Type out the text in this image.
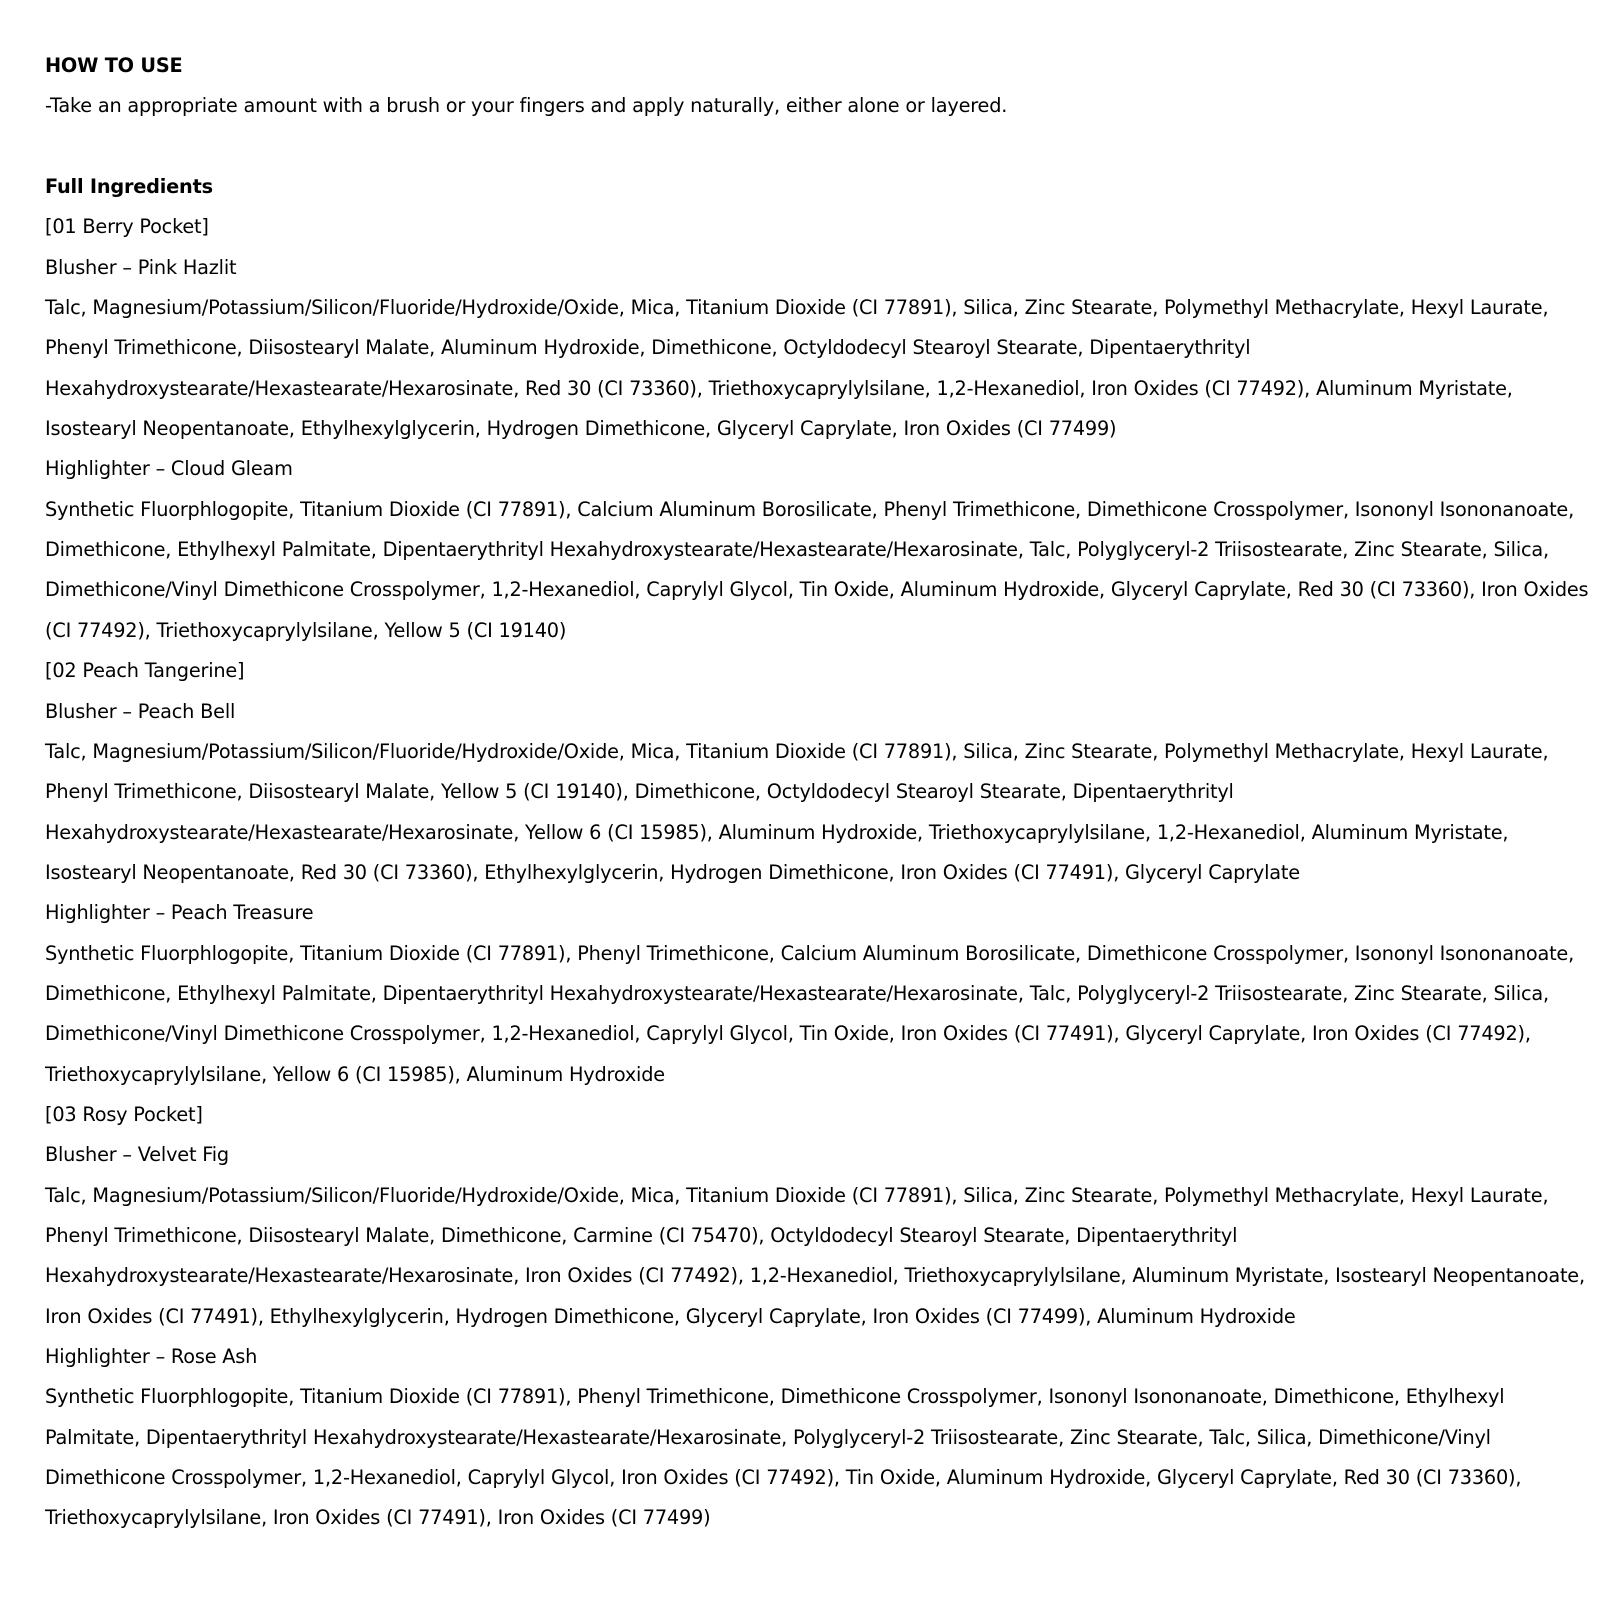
HOW TO USE
-Take an appropriate amount with a brush or your fingers and apply naturally, either alone or layered.
Full Ingredients
[01 Berry Pocket]
Blusher – Pink Hazlit
Talc, Magnesium/Potassium/Silicon/Fluoride/Hydroxide/Oxide, Mica, Titanium Dioxide (CI 77891), Silica, Zinc Stearate, Polymethyl Methacrylate, Hexyl Laurate,
Phenyl Trimethicone, Diisostearyl Malate, Aluminum Hydroxide, Dimethicone, Octyldodecyl Stearoyl Stearate, Dipentaerythrityl
Hexahydroxystearate/Hexastearate/Hexarosinate, Red 30 (CI 73360), Triethoxycaprylylsilane, 1,2-Hexanediol, Iron Oxides (CI 77492), Aluminum Myristate,
Isostearyl Neopentanoate, Ethylhexylglycerin, Hydrogen Dimethicone, Glyceryl Caprylate, Iron Oxides (CI 77499)
Highlighter – Cloud Gleam
Synthetic Fluorphlogopite, Titanium Dioxide (CI 77891), Calcium Aluminum Borosilicate, Phenyl Trimethicone, Dimethicone Crosspolymer, Isononyl Isononanoate,
Dimethicone, Ethylhexyl Palmitate, Dipentaerythrityl Hexahydroxystearate/Hexastearate/Hexarosinate, Talc, Polyglyceryl-2 Triisostearate, Zinc Stearate, Silica,
Dimethicone/Vinyl Dimethicone Crosspolymer, 1,2-Hexanediol, Caprylyl Glycol, Tin Oxide, Aluminum Hydroxide, Glyceryl Caprylate, Red 30 (CI 73360), Iron Oxides
(CI 77492), Triethoxycaprylylsilane, Yellow 5 (CI 19140)
[02 Peach Tangerine]
Blusher – Peach Bell
Talc, Magnesium/Potassium/Silicon/Fluoride/Hydroxide/Oxide, Mica, Titanium Dioxide (CI 77891), Silica, Zinc Stearate, Polymethyl Methacrylate, Hexyl Laurate,
Phenyl Trimethicone, Diisostearyl Malate, Yellow 5 (CI 19140), Dimethicone, Octyldodecyl Stearoyl Stearate, Dipentaerythrityl
Hexahydroxystearate/Hexastearate/Hexarosinate, Yellow 6 (CI 15985), Aluminum Hydroxide, Triethoxycaprylylsilane, 1,2-Hexanediol, Aluminum Myristate,
Isostearyl Neopentanoate, Red 30 (CI 73360), Ethylhexylglycerin, Hydrogen Dimethicone, Iron Oxides (CI 77491), Glyceryl Caprylate
Highlighter – Peach Treasure
Synthetic Fluorphlogopite, Titanium Dioxide (CI 77891), Phenyl Trimethicone, Calcium Aluminum Borosilicate, Dimethicone Crosspolymer, Isononyl Isononanoate,
Dimethicone, Ethylhexyl Palmitate, Dipentaerythrityl Hexahydroxystearate/Hexastearate/Hexarosinate, Talc, Polyglyceryl-2 Triisostearate, Zinc Stearate, Silica,
Dimethicone/Vinyl Dimethicone Crosspolymer, 1,2-Hexanediol, Caprylyl Glycol, Tin Oxide, Iron Oxides (CI 77491), Glyceryl Caprylate, Iron Oxides (CI 77492),
Triethoxycaprylylsilane, Yellow 6 (CI 15985), Aluminum Hydroxide
[03 Rosy Pocket]
Blusher – Velvet Fig
Talc, Magnesium/Potassium/Silicon/Fluoride/Hydroxide/Oxide, Mica, Titanium Dioxide (CI 77891), Silica, Zinc Stearate, Polymethyl Methacrylate, Hexyl Laurate,
Phenyl Trimethicone, Diisostearyl Malate, Dimethicone, Carmine (CI 75470), Octyldodecyl Stearoyl Stearate, Dipentaerythrityl
Hexahydroxystearate/Hexastearate/Hexarosinate, Iron Oxides (CI 77492), 1,2-Hexanediol, Triethoxycaprylylsilane, Aluminum Myristate, Isostearyl Neopentanoate,
Iron Oxides (CI 77491), Ethylhexylglycerin, Hydrogen Dimethicone, Glyceryl Caprylate, Iron Oxides (CI 77499), Aluminum Hydroxide
Highlighter – Rose Ash
Synthetic Fluorphlogopite, Titanium Dioxide (CI 77891), Phenyl Trimethicone, Dimethicone Crosspolymer, Isononyl Isononanoate, Dimethicone, Ethylhexyl
Palmitate, Dipentaerythrityl Hexahydroxystearate/Hexastearate/Hexarosinate, Polyglyceryl-2 Triisostearate, Zinc Stearate, Talc, Silica, Dimethicone/Vinyl
Dimethicone Crosspolymer, 1,2-Hexanediol, Caprylyl Glycol, Iron Oxides (CI 77492), Tin Oxide, Aluminum Hydroxide, Glyceryl Caprylate, Red 30 (CI 73360),
Triethoxycaprylylsilane, Iron Oxides (CI 77491), Iron Oxides (CI 77499)
